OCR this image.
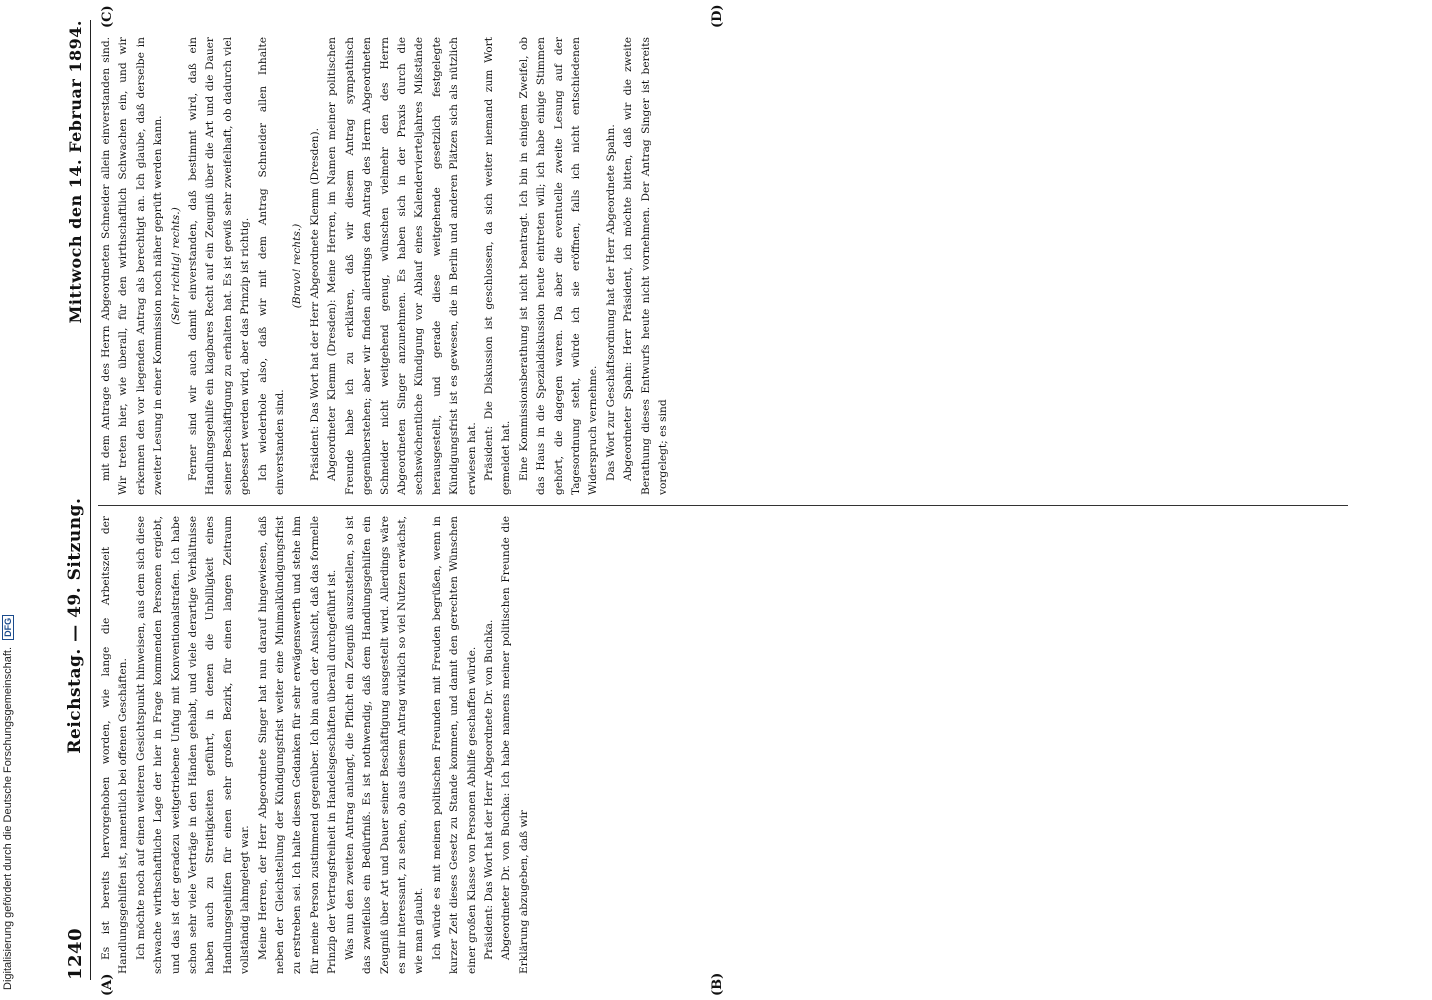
Digitalisierung gefördert durch die Deutsche Forschungsgemeinschaft. DFG
1240
Reichstag. — 49. Sitzung.
Mittwoch den 14. Februar 1894.

Es ist bereits hervorgehoben worden, wie lange die Arbeitszeit der Handlungsgehilfen ist, namentlich bei offenen Geschäften. Ich möchte noch auf einen weiteren Gesichtspunkt hinweisen, aus dem sich diese schwache wirthschaftliche Lage der hier in Frage kommenden Personen ergiebt, und das ist der geradezu weitgetriebene Unfug mit Konventionalstrafen. Ich habe schon sehr viele Verträge in den Händen gehabt, und viele derartige Verhältnisse haben auch zu Streitigkeiten geführt, in denen die Unbilligkeit eines Handlungsgehilfen für einen sehr großen Bezirk, für einen langen Zeitraum vollständig lahmgelegt war. Meine Herren, der Herr Abgeordnete Singer hat nun darauf hingewiesen, daß neben der Gleichstellung der Kündigungsfrist weiter eine Minimalkündigungsfrist zu erstreben sei. Ich halte diesen Gedanken für sehr erwägenswerth und stehe ihm für meine Person zustimmend gegenüber. Ich bin auch der Ansicht, daß das formelle Prinzip der Vertragsfreiheit in Handelsgeschäften überall durchgeführt ist. Was nun den zweiten Antrag anlangt, die Pflicht ein Zeugniß auszustellen, so ist das zweifellos ein Bedürfniß. Es ist nothwendig, daß dem Handlungsgehilfen ein Zeugniß über Art und Dauer seiner Beschäftigung ausgestellt wird. Allerdings wäre es mir interessant, zu sehen, ob aus diesem Antrag wirklich so viel Nutzen erwächst, wie man glaubt. Ich würde es mit meinen politischen Freunden mit Freuden begrüßen, wenn in kurzer Zeit dieses Gesetz zu Stande kommen, und damit den gerechten Wünschen einer großen Klasse von Personen Abhilfe geschaffen würde. Präsident: Das Wort hat der Herr Abgeordnete Dr. von Buchka. Abgeordneter Dr. von Buchka: Ich habe namens meiner politischen Freunde die Erklärung abzugeben, daß wir

mit dem Antrage des Herrn Abgeordneten Schneider allein einverstanden sind. Wir treten hier, wie überall, für den wirthschaftlich Schwachen ein, und wir erkennen den vor liegenden Antrag als berechtigt an. Ich glaube, daß derselbe in zweiter Lesung in einer Kommission noch näher geprüft werden kann. (Sehr richtig! rechts.) Ferner sind wir auch damit einverstanden, daß bestimmt wird, daß ein Handlungsgehilfe ein klagbares Recht auf ein Zeugniß über die Art und die Dauer seiner Beschäftigung zu erhalten hat. Es ist gewiß sehr zweifelhaft, ob dadurch viel gebessert werden wird, aber das Prinzip ist richtig. Ich wiederhole also, daß wir mit dem Antrag Schneider allen Inhalte einverstanden sind.

(Bravo! rechts.) Präsident: Das Wort hat der Herr Abgeordnete Klemm (Dresden). Abgeordneter Klemm (Dresden): Meine Herren, im Namen meiner politischen Freunde habe ich zu erklären, daß wir diesem Antrag sympathisch gegenüberstehen; aber wir finden allerdings den Antrag des Herrn Abgeordneten Schneider nicht weitgehend genug, wünschen vielmehr den des Herrn Abgeordneten Singer anzunehmen. Es haben sich in der Praxis durch die sechswöchentliche Kündigung vor Ablauf eines Kalendervierteljahres Mißstände herausgestellt, und gerade diese weitgehende gesetzlich festgelegte Kündigungsfrist ist es gewesen, die in Berlin und anderen Plätzen sich als nützlich erwiesen hat. Präsident: Die Diskussion ist geschlossen, da sich weiter niemand zum Wort gemeldet hat. Eine Kommissionsberathung ist nicht beantragt. Ich bin in einigem Zweifel, ob das Haus in die Spezialdiskussion heute eintreten will; ich habe einige Stimmen gehört, die dagegen waren. Da aber die eventuelle zweite Lesung auf der Tagesordnung steht, würde ich sie eröffnen, falls ich nicht entschiedenen Widerspruch vernehme. Das Wort zur Geschäftsordnung hat der Herr Abgeordnete Spahn. Abgeordneter Spahn: Herr Präsident, ich möchte bitten, daß wir die zweite Berathung dieses Entwurfs heute nicht vornehmen. Der Antrag Singer ist bereits vorgelegt; es sind

(A)	(B)
(C)	(D)
